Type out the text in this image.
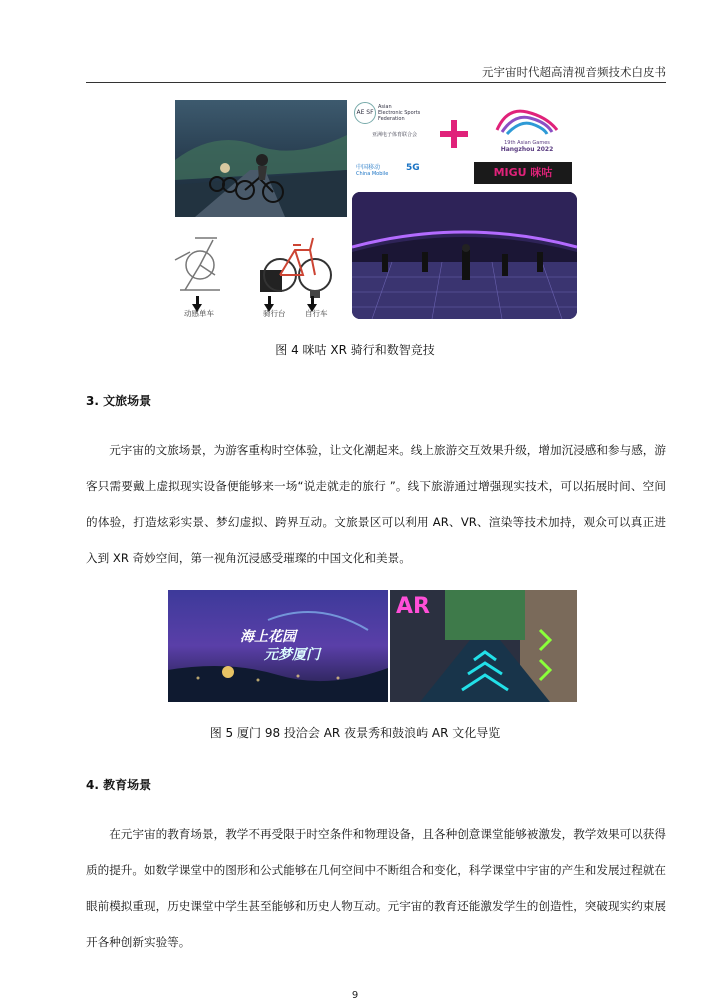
元宇宙时代超高清视音频技术白皮书
动感单车	骑行台	自行车
AE SF
Asian
Electronic Sports
Federation
亚洲电子体育联合会
中国移动
China Mobile
5G
19th Asian Games
Hangzhou 2022
MIGU 咪咕
图 4 咪咕 XR 骑行和数智竞技
3. 文旅场景

元宇宙的文旅场景，为游客重构时空体验，让文化潮起来。线上旅游交互效果升级，增加沉浸感和参与感，游客只需要戴上虚拟现实设备便能够来一场“说走就走的旅行 ”。线下旅游通过增强现实技术，可以拓展时间、空间的体验，打造炫彩实景、梦幻虚拟、跨界互动。文旅景区可以利用 AR、VR、渲染等技术加持，观众可以真正进入到 XR 奇妙空间，第一视角沉浸感受璀璨的中国文化和美景。

海上花园
元梦厦门
AR
图 5 厦门 98 投洽会 AR 夜景秀和鼓浪屿 AR 文化导览
4. 教育场景

在元宇宙的教育场景，教学不再受限于时空条件和物理设备，且各种创意课堂能够被激发，教学效果可以获得质的提升。如数学课堂中的图形和公式能够在几何空间中不断组合和变化，科学课堂中宇宙的产生和发展过程就在眼前模拟重现，历史课堂中学生甚至能够和历史人物互动。元宇宙的教育还能激发学生的创造性，突破现实约束展开各种创新实验等。

9
